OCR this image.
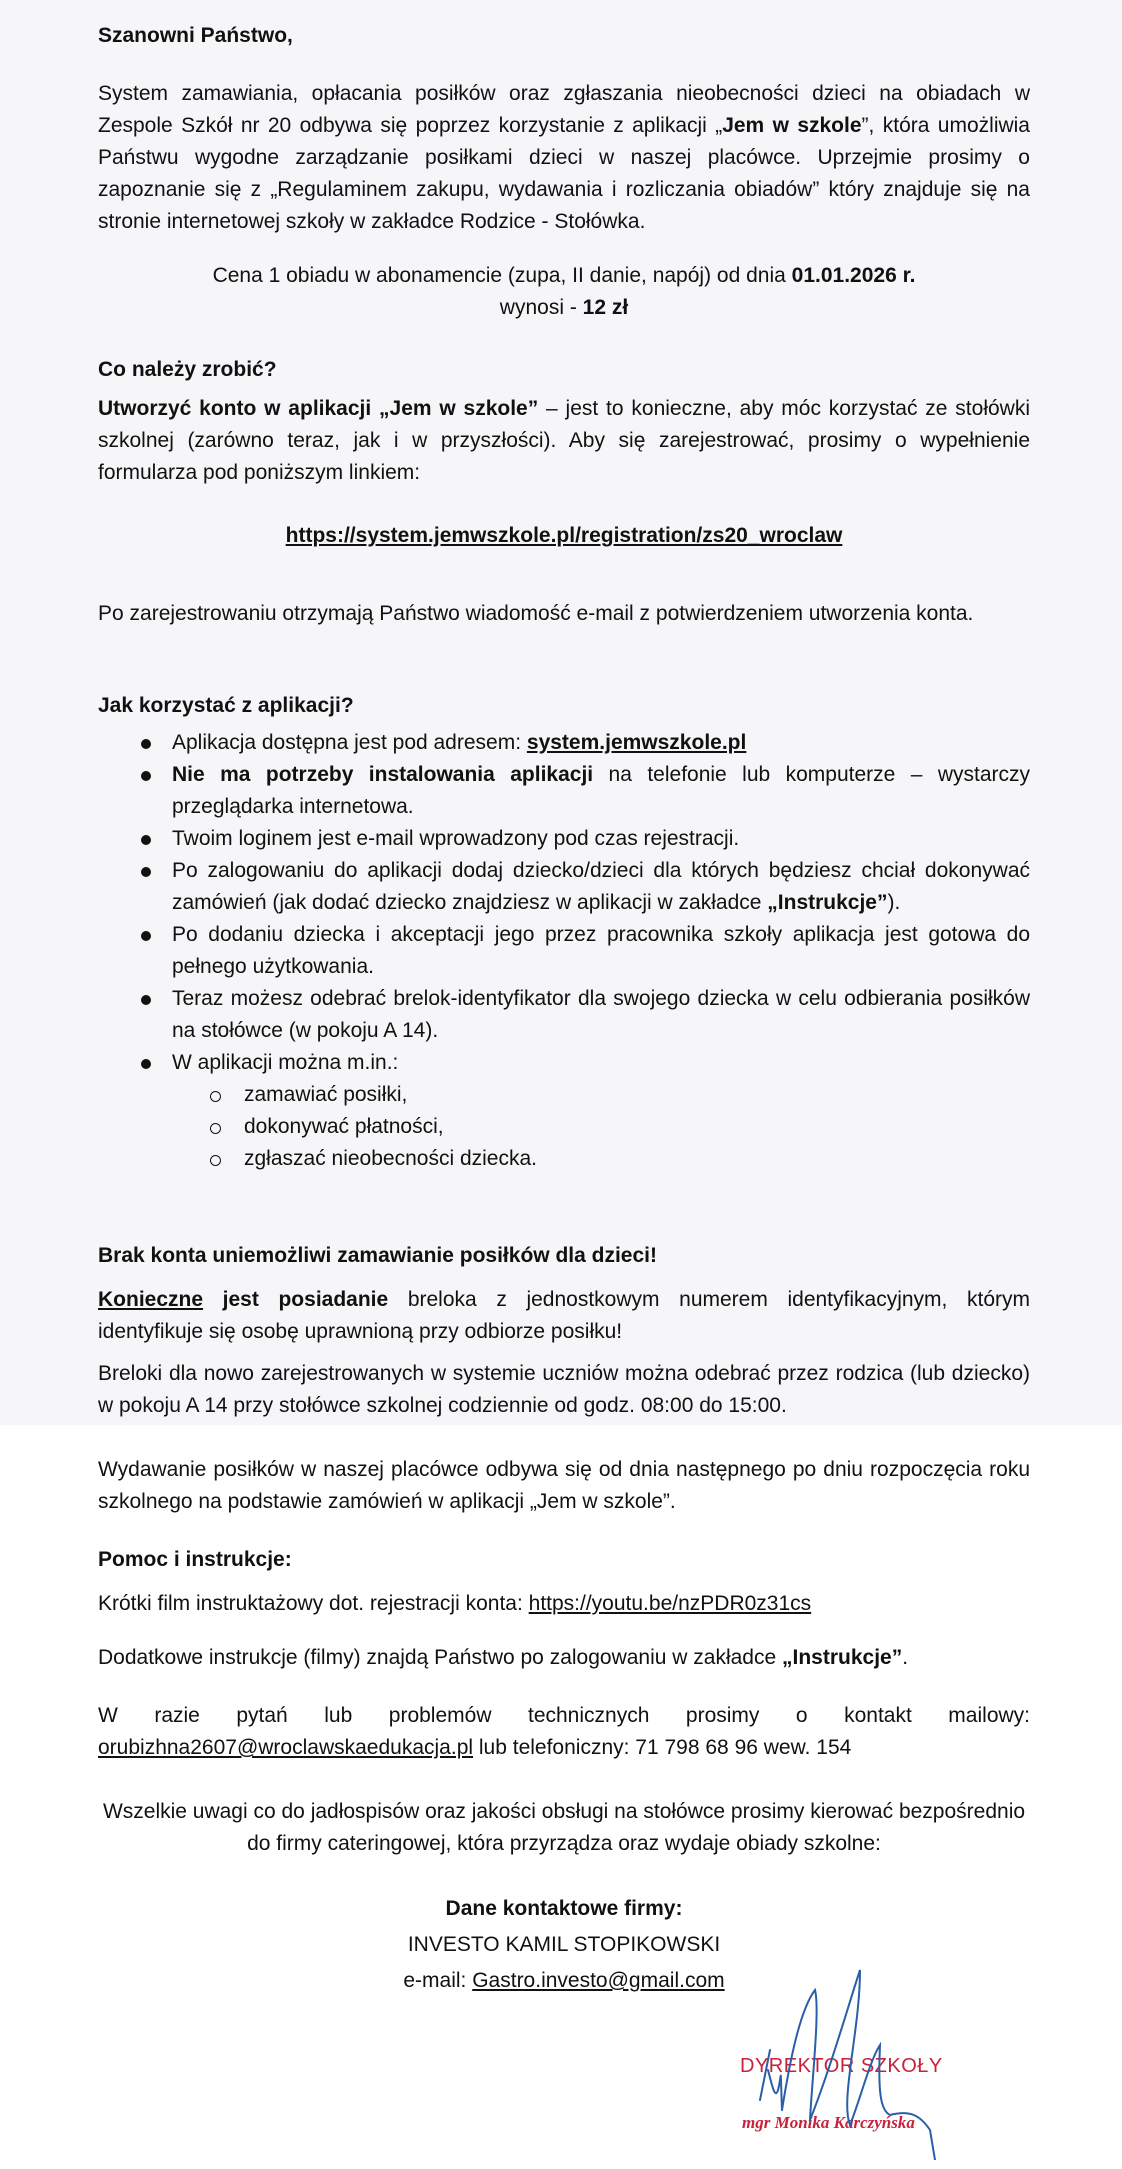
Szanowni Państwo,
System zamawiania, opłacania posiłków oraz zgłaszania nieobecności dzieci na obiadach w Zespole Szkół nr 20 odbywa się poprzez korzystanie z aplikacji „Jem w szkole”, która umożliwia Państwu wygodne zarządzanie posiłkami dzieci w naszej placówce. Uprzejmie prosimy o zapoznanie się z „Regulaminem zakupu, wydawania i rozliczania obiadów” który znajduje się na stronie internetowej szkoły w zakładce Rodzice - Stołówka.
Cena 1 obiadu w abonamencie (zupa, II danie, napój) od dnia 01.01.2026 r.
wynosi - 12 zł
Co należy zrobić?
Utworzyć konto w aplikacji „Jem w szkole” – jest to konieczne, aby móc korzystać ze stołówki szkolnej (zarówno teraz, jak i w przyszłości). Aby się zarejestrować, prosimy o wypełnienie formularza pod poniższym linkiem:
https://system.jemwszkole.pl/registration/zs20_wroclaw
Po zarejestrowaniu otrzymają Państwo wiadomość e-mail z potwierdzeniem utworzenia konta.
Jak korzystać z aplikacji?
Aplikacja dostępna jest pod adresem: system.jemwszkole.pl
Nie ma potrzeby instalowania aplikacji na telefonie lub komputerze – wystarczy przeglądarka internetowa.
Twoim loginem jest e-mail wprowadzony pod czas rejestracji.
Po zalogowaniu do aplikacji dodaj dziecko/dzieci dla których będziesz chciał dokonywać zamówień (jak dodać dziecko znajdziesz w aplikacji w zakładce „Instrukcje”).
Po dodaniu dziecka i akceptacji jego przez pracownika szkoły aplikacja jest gotowa do pełnego użytkowania.
Teraz możesz odebrać brelok-identyfikator dla swojego dziecka w celu odbierania posiłków na stołówce (w pokoju A 14).
W aplikacji można m.in.:
zamawiać posiłki,
dokonywać płatności,
zgłaszać nieobecności dziecka.
Brak konta uniemożliwi zamawianie posiłków dla dzieci!
Konieczne jest posiadanie breloka z jednostkowym numerem identyfikacyjnym, którym identyfikuje się osobę uprawnioną przy odbiorze posiłku!
Breloki dla nowo zarejestrowanych w systemie uczniów można odebrać przez rodzica (lub dziecko) w pokoju A 14 przy stołówce szkolnej codziennie od godz. 08:00 do 15:00.
Wydawanie posiłków w naszej placówce odbywa się od dnia następnego po dniu rozpoczęcia roku szkolnego na podstawie zamówień w aplikacji „Jem w szkole”.
Pomoc i instrukcje:
Krótki film instruktażowy dot. rejestracji konta: https://youtu.be/nzPDR0z31cs
Dodatkowe instrukcje (filmy) znajdą Państwo po zalogowaniu w zakładce „Instrukcje”.
W razie pytań lub problemów technicznych prosimy o kontakt mailowy: orubizhna2607@wroclawskaedukacja.pl lub telefoniczny: 71 798 68 96 wew. 154
Wszelkie uwagi co do jadłospisów oraz jakości obsługi na stołówce prosimy kierować bezpośrednio do firmy cateringowej, która przyrządza oraz wydaje obiady szkolne:
Dane kontaktowe firmy:
INVESTO KAMIL STOPIKOWSKI
e-mail: Gastro.investo@gmail.com
DYREKTOR SZKOŁY
mgr Monika Karczyńska
